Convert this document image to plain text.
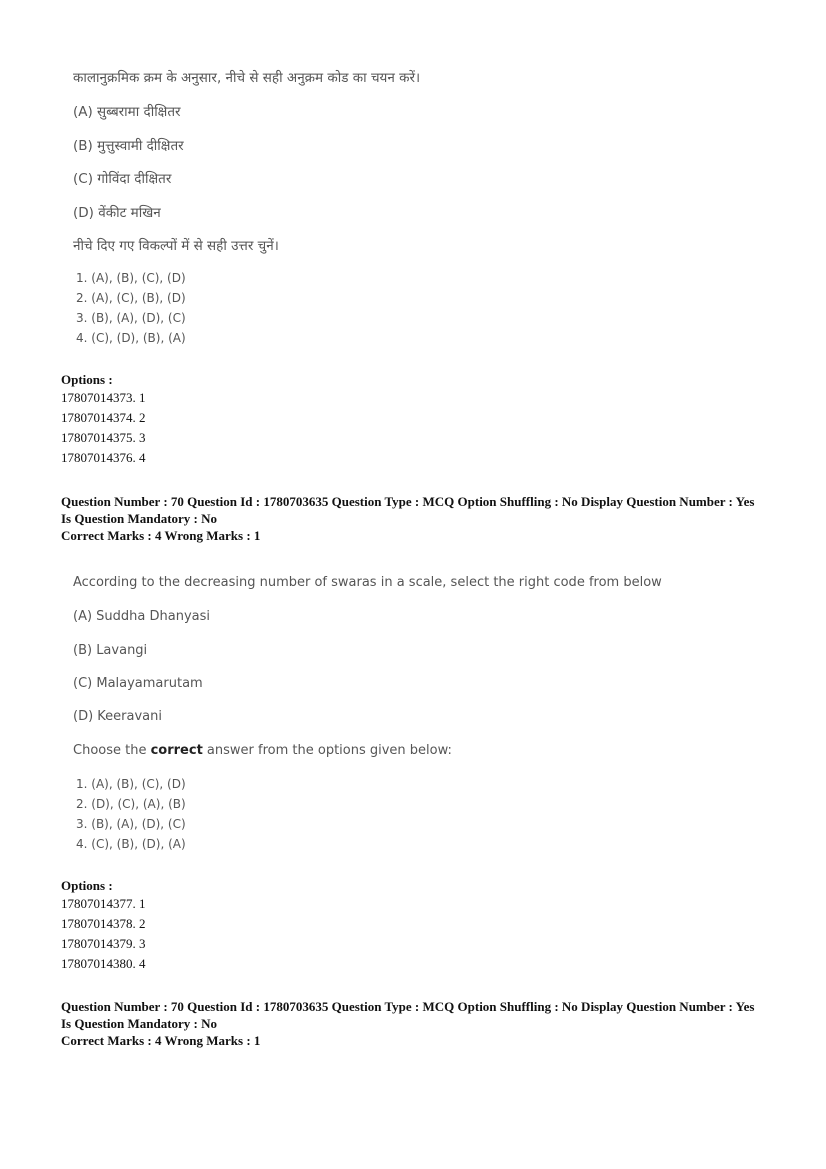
कालानुक्रमिक क्रम के अनुसार, नीचे से सही अनुक्रम कोड का चयन करें।
(A) सुब्बरामा दीक्षितर
(B) मुत्तुस्वामी दीक्षितर
(C) गोविंदा दीक्षितर
(D) वेंकीट मखिन
नीचे दिए गए विकल्पों में से सही उत्तर चुनें।
1. (A), (B), (C), (D)
2. (A), (C), (B), (D)
3. (B), (A), (D), (C)
4. (C), (D), (B), (A)
Options :
17807014373. 1
17807014374. 2
17807014375. 3
17807014376. 4
Question Number : 70 Question Id : 1780703635 Question Type : MCQ Option Shuffling : No Display Question Number : Yes
Is Question Mandatory : No
Correct Marks : 4 Wrong Marks : 1
According to the decreasing number of swaras in a scale, select the right code from below
(A) Suddha Dhanyasi
(B) Lavangi
(C) Malayamarutam
(D) Keeravani
Choose the correct answer from the options given below:
1. (A), (B), (C), (D)
2. (D), (C), (A), (B)
3. (B), (A), (D), (C)
4. (C), (B), (D), (A)
Options :
17807014377. 1
17807014378. 2
17807014379. 3
17807014380. 4
Question Number : 70 Question Id : 1780703635 Question Type : MCQ Option Shuffling : No Display Question Number : Yes
Is Question Mandatory : No
Correct Marks : 4 Wrong Marks : 1
